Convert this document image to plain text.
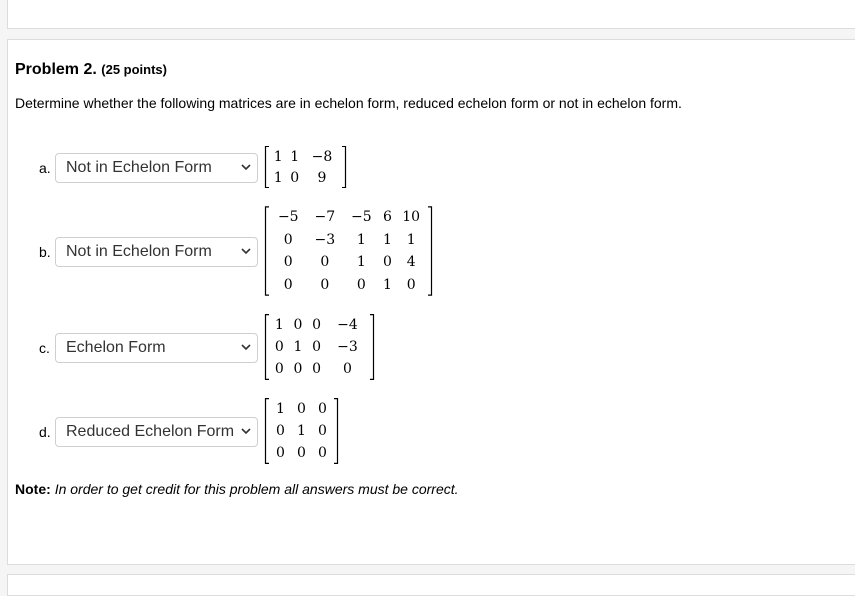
Problem 2. (25 points)
Determine whether the following matrices are in echelon form, reduced echelon form or not in echelon form.
a. Not in Echelon Form
1	1	−8
1	0	9
b. Not in Echelon Form
−5	−7	−5	6	10
0	−3	1	1	1
0	0	1	0	4
0	0	0	1	0
c.	Echelon Form
1	0	0	−4
0	1	0	−3
0	0	0	0
d. Reduced Echelon Form
1	0	0
0	1	0
0	0	0
Note: In order to get credit for this problem all answers must be correct.
